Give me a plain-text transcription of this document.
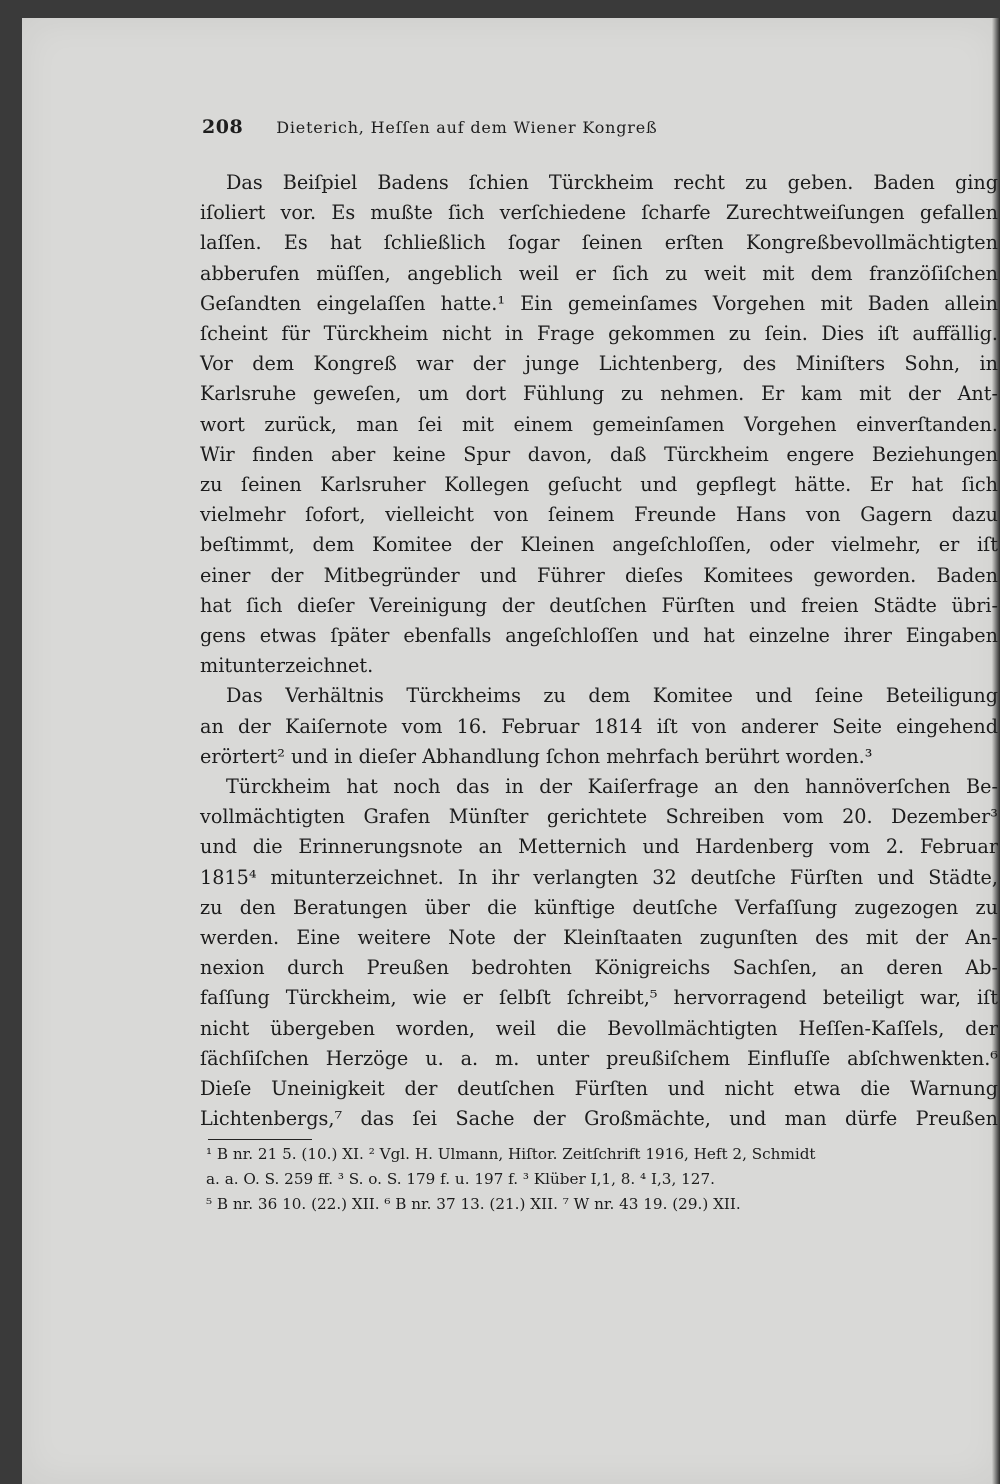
208 Dieterich, Heſſen auf dem Wiener Kongreß
Das Beiſpiel Badens ſchien Türckheim recht zu geben. Baden ging
iſoliert vor. Es mußte ſich verſchiedene ſcharfe Zurechtweiſungen gefallen
laſſen. Es hat ſchließlich ſogar ſeinen erſten Kongreßbevollmächtigten
abberufen müſſen, angeblich weil er ſich zu weit mit dem franzöſiſchen
Geſandten eingelaſſen hatte.¹ Ein gemeinſames Vorgehen mit Baden allein
ſcheint für Türckheim nicht in Frage gekommen zu ſein. Dies iſt auffällig.
Vor dem Kongreß war der junge Lichtenberg, des Miniſters Sohn, in
Karlsruhe geweſen, um dort Fühlung zu nehmen. Er kam mit der Ant-
wort zurück, man ſei mit einem gemeinſamen Vorgehen einverſtanden.
Wir finden aber keine Spur davon, daß Türckheim engere Beziehungen
zu ſeinen Karlsruher Kollegen geſucht und gepflegt hätte. Er hat ſich
vielmehr ſofort, vielleicht von ſeinem Freunde Hans von Gagern dazu
beſtimmt, dem Komitee der Kleinen angeſchloſſen, oder vielmehr, er iſt
einer der Mitbegründer und Führer dieſes Komitees geworden. Baden
hat ſich dieſer Vereinigung der deutſchen Fürſten und freien Städte übri-
gens etwas ſpäter ebenfalls angeſchloſſen und hat einzelne ihrer Eingaben
mitunterzeichnet.
Das Verhältnis Türckheims zu dem Komitee und ſeine Beteiligung
an der Kaiſernote vom 16. Februar 1814 iſt von anderer Seite eingehend
erörtert² und in dieſer Abhandlung ſchon mehrfach berührt worden.³
Türckheim hat noch das in der Kaiſerfrage an den hannöverſchen Be-
vollmächtigten Grafen Münſter gerichtete Schreiben vom 20. Dezember³
und die Erinnerungsnote an Metternich und Hardenberg vom 2. Februar
1815⁴ mitunterzeichnet. In ihr verlangten 32 deutſche Fürſten und Städte,
zu den Beratungen über die künftige deutſche Verfaſſung zugezogen zu
werden. Eine weitere Note der Kleinſtaaten zugunſten des mit der An-
nexion durch Preußen bedrohten Königreichs Sachſen, an deren Ab-
faſſung Türckheim, wie er ſelbſt ſchreibt,⁵ hervorragend beteiligt war, iſt
nicht übergeben worden, weil die Bevollmächtigten Heſſen-Kaſſels, der
ſächſiſchen Herzöge u. a. m. unter preußiſchem Einfluſſe abſchwenkten.⁶
Dieſe Uneinigkeit der deutſchen Fürſten und nicht etwa die Warnung
Lichtenbergs,⁷ das ſei Sache der Großmächte, und man dürfe Preußen
¹ B nr. 21 5. (10.) XI. ² Vgl. H. Ulmann, Hiſtor. Zeitſchrift 1916, Heft 2, Schmidt
a. a. O. S. 259 ff. ³ S. o. S. 179 f. u. 197 f. ³ Klüber I,1, 8. ⁴ I,3, 127.
⁵ B nr. 36 10. (22.) XII. ⁶ B nr. 37 13. (21.) XII. ⁷ W nr. 43 19. (29.) XII.
